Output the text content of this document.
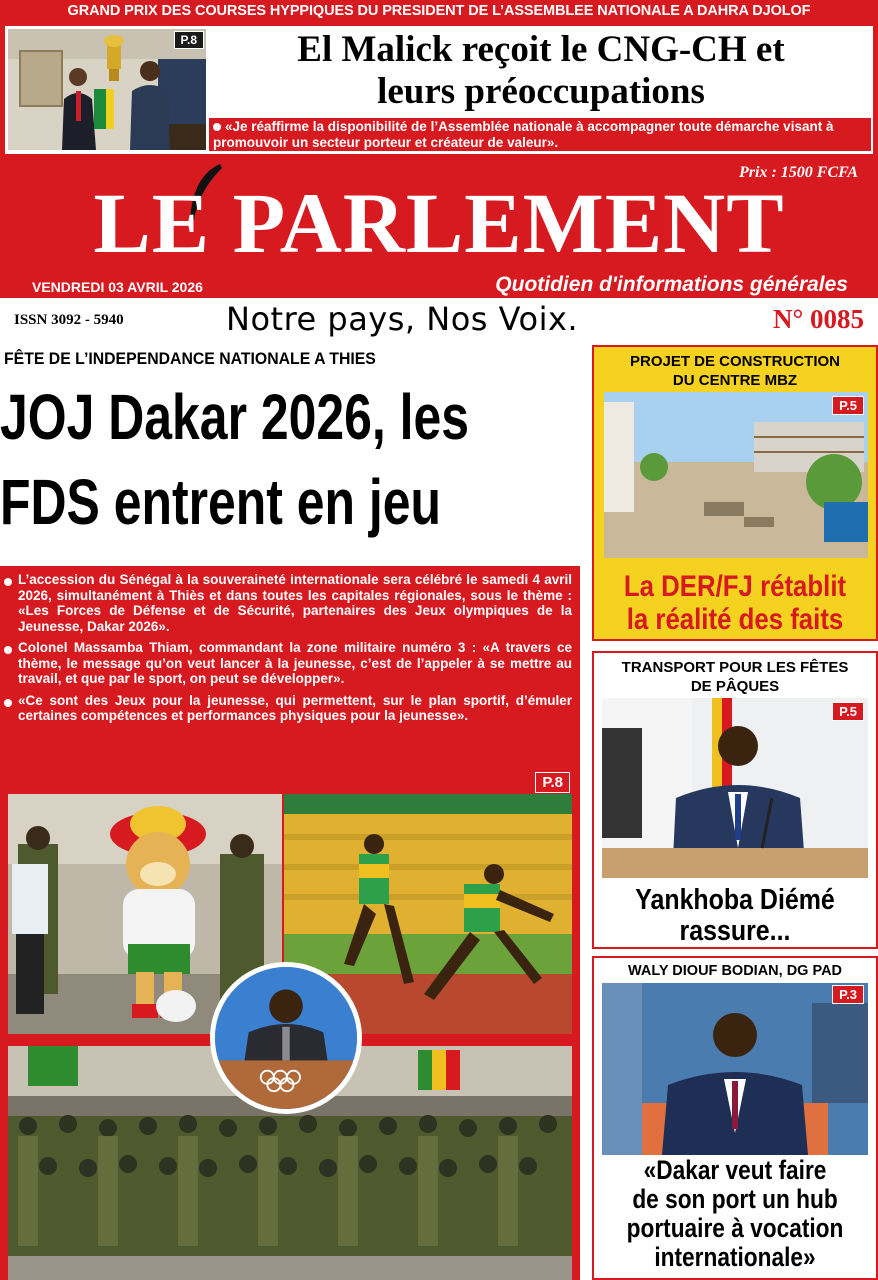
GRAND PRIX DES COURSES HYPPIQUES DU PRESIDENT DE L’ASSEMBLEE NATIONALE A DAHRA DJOLOF
P.8	El Malick reçoit le CNG-CH et
leurs préoccupations
«Je réaffirme la disponibilité de l’Assemblée nationale à accompagner toute démarche visant à promouvoir un secteur porteur et créateur de valeur».
Prix : 1500 FCFA
LE PARLEMENT
VENDREDI 03 AVRIL 2026	Quotidien d'informations générales
ISSN 3092 - 5940	Notre pays, Nos Voix.	N° 0085
FÊTE DE L’INDEPENDANCE NATIONALE A THIES
JOJ Dakar 2026, les
FDS entrent en jeu

L’accession du Sénégal à la souveraineté internationale sera célébré le samedi 4 avril 2026, simultanément à Thiès et dans toutes les capitales régionales, sous le thème : «Les Forces de Défense et de Sécurité, partenaires des Jeux olympiques de la Jeunesse, Dakar 2026».

Colonel Massamba Thiam, commandant la zone militaire numéro 3 : «A travers ce thème, le message qu’on veut lancer à la jeunesse, c’est de l’appeler à se mettre au travail, et que par le sport, on peut se développer».

«Ce sont des Jeux pour la jeunesse, qui permettent, sur le plan sportif, d’émuler certaines compétences et performances physiques pour la jeunesse».

P.8
PROJET DE CONSTRUCTION
DU CENTRE MBZ
P.5
La DER/FJ rétablit
la réalité des faits
TRANSPORT POUR LES FÊTES
DE PÂQUES
P.5
Yankhoba Diémé
rassure...
WALY DIOUF BODIAN, DG PAD
P.3
«Dakar veut faire
de son port un hub
portuaire à vocation
internationale»
